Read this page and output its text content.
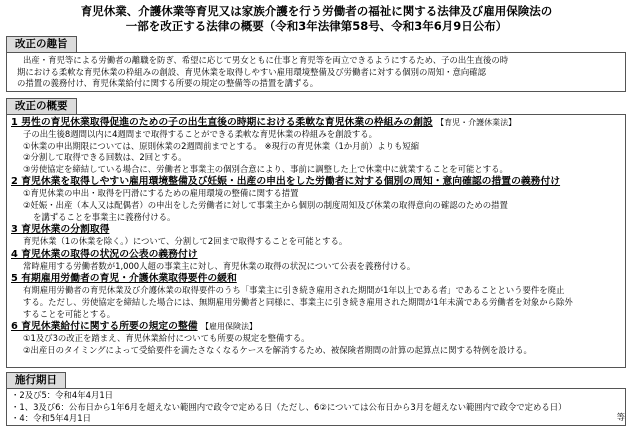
育児休業、介護休業等育児又は家族介護を行う労働者の福祉に関する法律及び雇用保険法の
一部を改正する法律の概要（令和3年法律第58号、令和3年6月9日公布）
改正の趣旨
出産・育児等による労働者の離職を防ぎ、希望に応じて男女ともに仕事と育児等を両立できるようにするため、子の出生直後の時
期における柔軟な育児休業の枠組みの創設、育児休業を取得しやすい雇用環境整備及び労働者に対する個別の周知・意向確認
の措置の義務付け、育児休業給付に関する所要の規定の整備等の措置を講ずる。
改正の概要
1 男性の育児休業取得促進のための子の出生直後の時期における柔軟な育児休業の枠組みの創設 【育児・介護休業法】
子の出生後8週間以内に4週間まで取得することができる柔軟な育児休業の枠組みを創設する。
①休業の申出期限については、原則休業の2週間前までとする。 ※現行の育児休業（1か月前）よりも短縮
②分割して取得できる回数は、2回とする。
③労使協定を締結している場合に、労働者と事業主の個別合意により、事前に調整した上で休業中に就業することを可能とする。
2 育児休業を取得しやすい雇用環境整備及び妊娠・出産の申出をした労働者に対する個別の周知・意向確認の措置の義務付け
①育児休業の申出・取得を円滑にするための雇用環境の整備に関する措置
②妊娠・出産（本人又は配偶者）の申出をした労働者に対して事業主から個別の制度周知及び休業の取得意向の確認のための措置
を講ずることを事業主に義務付ける。
3 育児休業の分割取得
育児休業（1の休業を除く。）について、分割して2回まで取得することを可能とする。
4 育児休業の取得の状況の公表の義務付け
常時雇用する労働者数が1,000人超の事業主に対し、育児休業の取得の状況について公表を義務付ける。
5 有期雇用労働者の育児・介護休業取得要件の緩和
有期雇用労働者の育児休業及び介護休業の取得要件のうち「事業主に引き続き雇用された期間が1年以上である者」であることという要件を廃止
する。ただし、労使協定を締結した場合には、無期雇用労働者と同様に、事業主に引き続き雇用された期間が1年未満である労働者を対象から除外
することを可能とする。
6 育児休業給付に関する所要の規定の整備 【雇用保険法】
①1及び3の改正を踏まえ、育児休業給付についても所要の規定を整備する。
②出産日のタイミングによって受給要件を満たさなくなるケースを解消するため、被保険者期間の計算の起算点に関する特例を設ける。
施行期日
・2及び5：令和4年4月1日
・1、3及び6：公布日から1年6月を超えない範囲内で政令で定める日（ただし、6②については公布日から3月を超えない範囲内で政令で定める日）
・4：令和5年4月1日	等
